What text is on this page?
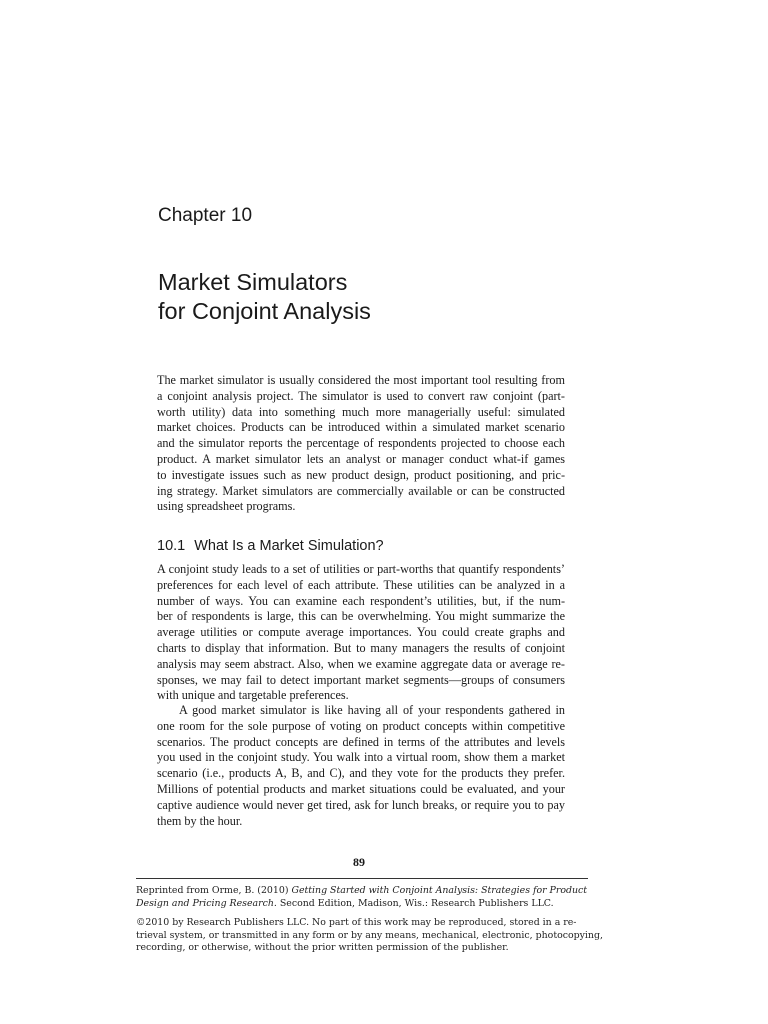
Chapter 10
Market Simulators
for Conjoint Analysis

The market simulator is usually considered the most important tool resulting from
a conjoint analysis project. The simulator is used to convert raw conjoint (part-
worth utility) data into something much more managerially useful: simulated
market choices. Products can be introduced within a simulated market scenario
and the simulator reports the percentage of respondents projected to choose each
product. A market simulator lets an analyst or manager conduct what-if games
to investigate issues such as new product design, product positioning, and pric-
ing strategy. Market simulators are commercially available or can be constructed
using spreadsheet programs.

10.1 What Is a Market Simulation?

A conjoint study leads to a set of utilities or part-worths that quantify respondents’
preferences for each level of each attribute. These utilities can be analyzed in a
number of ways. You can examine each respondent’s utilities, but, if the num-
ber of respondents is large, this can be overwhelming. You might summarize the
average utilities or compute average importances. You could create graphs and
charts to display that information. But to many managers the results of conjoint
analysis may seem abstract. Also, when we examine aggregate data or average re-
sponses, we may fail to detect important market segments—groups of consumers
with unique and targetable preferences.

A good market simulator is like having all of your respondents gathered in
one room for the sole purpose of voting on product concepts within competitive
scenarios. The product concepts are defined in terms of the attributes and levels
you used in the conjoint study. You walk into a virtual room, show them a market
scenario (i.e., products A, B, and C), and they vote for the products they prefer.
Millions of potential products and market situations could be evaluated, and your
captive audience would never get tired, ask for lunch breaks, or require you to pay
them by the hour.

89

Reprinted from Orme, B. (2010) Getting Started with Conjoint Analysis: Strategies for Product
Design and Pricing Research. Second Edition, Madison, Wis.: Research Publishers LLC.

©2010 by Research Publishers LLC. No part of this work may be reproduced, stored in a re-
trieval system, or transmitted in any form or by any means, mechanical, electronic, photocopying,
recording, or otherwise, without the prior written permission of the publisher.
